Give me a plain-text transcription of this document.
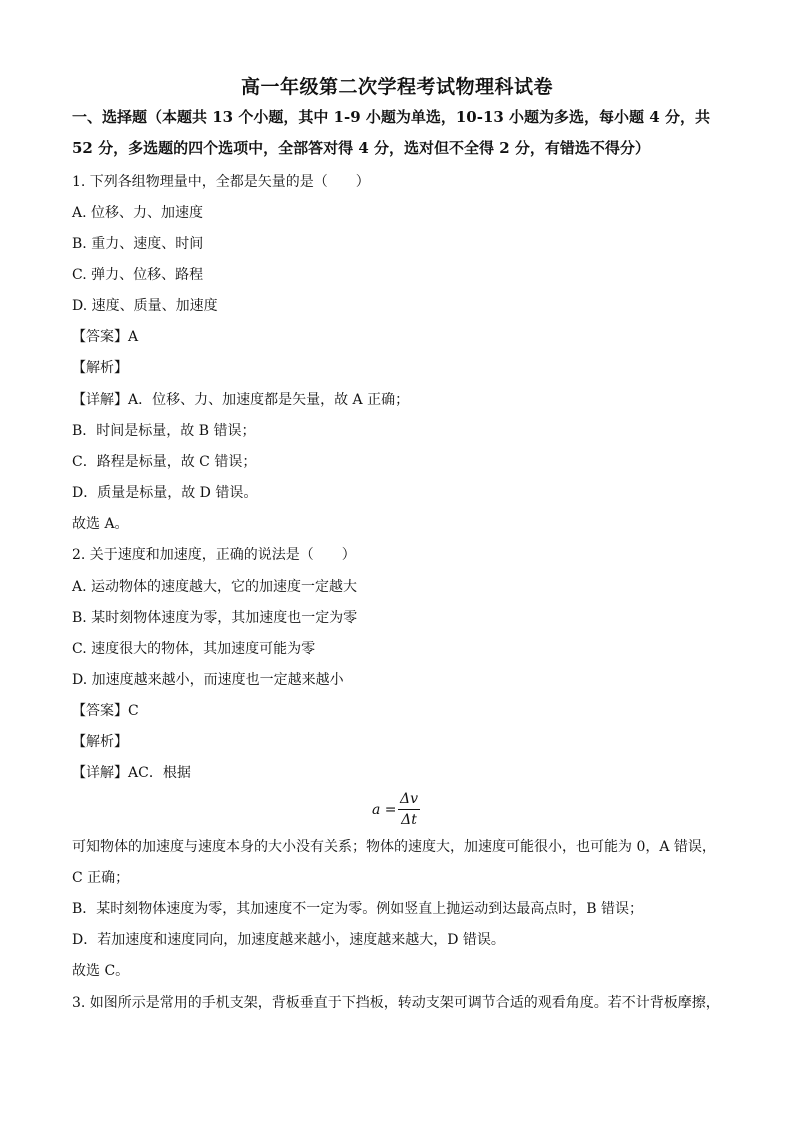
高一年级第二次学程考试物理科试卷
一、选择题（本题共 13 个小题，其中 1-9 小题为单选，10-13 小题为多选，每小题 4 分，共
52 分，多选题的四个选项中，全部答对得 4 分，选对但不全得 2 分，有错选不得分）
1. 下列各组物理量中，全都是矢量的是（　　）
A. 位移、力、加速度
B. 重力、速度、时间
C. 弹力、位移、路程
D. 速度、质量、加速度
【答案】A
【解析】
【详解】A．位移、力、加速度都是矢量，故 A 正确；
B．时间是标量，故 B 错误；
C．路程是标量，故 C 错误；
D．质量是标量，故 D 错误。
故选 A。
2. 关于速度和加速度，正确的说法是（　　）
A. 运动物体的速度越大，它的加速度一定越大
B. 某时刻物体速度为零，其加速度也一定为零
C. 速度很大的物体，其加速度可能为零
D. 加速度越来越小，而速度也一定越来越小
【答案】C
【解析】
【详解】AC．根据
a =
Δv
Δt
可知物体的加速度与速度本身的大小没有关系；物体的速度大，加速度可能很小，也可能为 0，A 错误，
C 正确；
B．某时刻物体速度为零，其加速度不一定为零。例如竖直上抛运动到达最高点时，B 错误；
D．若加速度和速度同向，加速度越来越小，速度越来越大，D 错误。
故选 C。
3. 如图所示是常用的手机支架，背板垂直于下挡板，转动支架可调节合适的观看角度。若不计背板摩擦，
